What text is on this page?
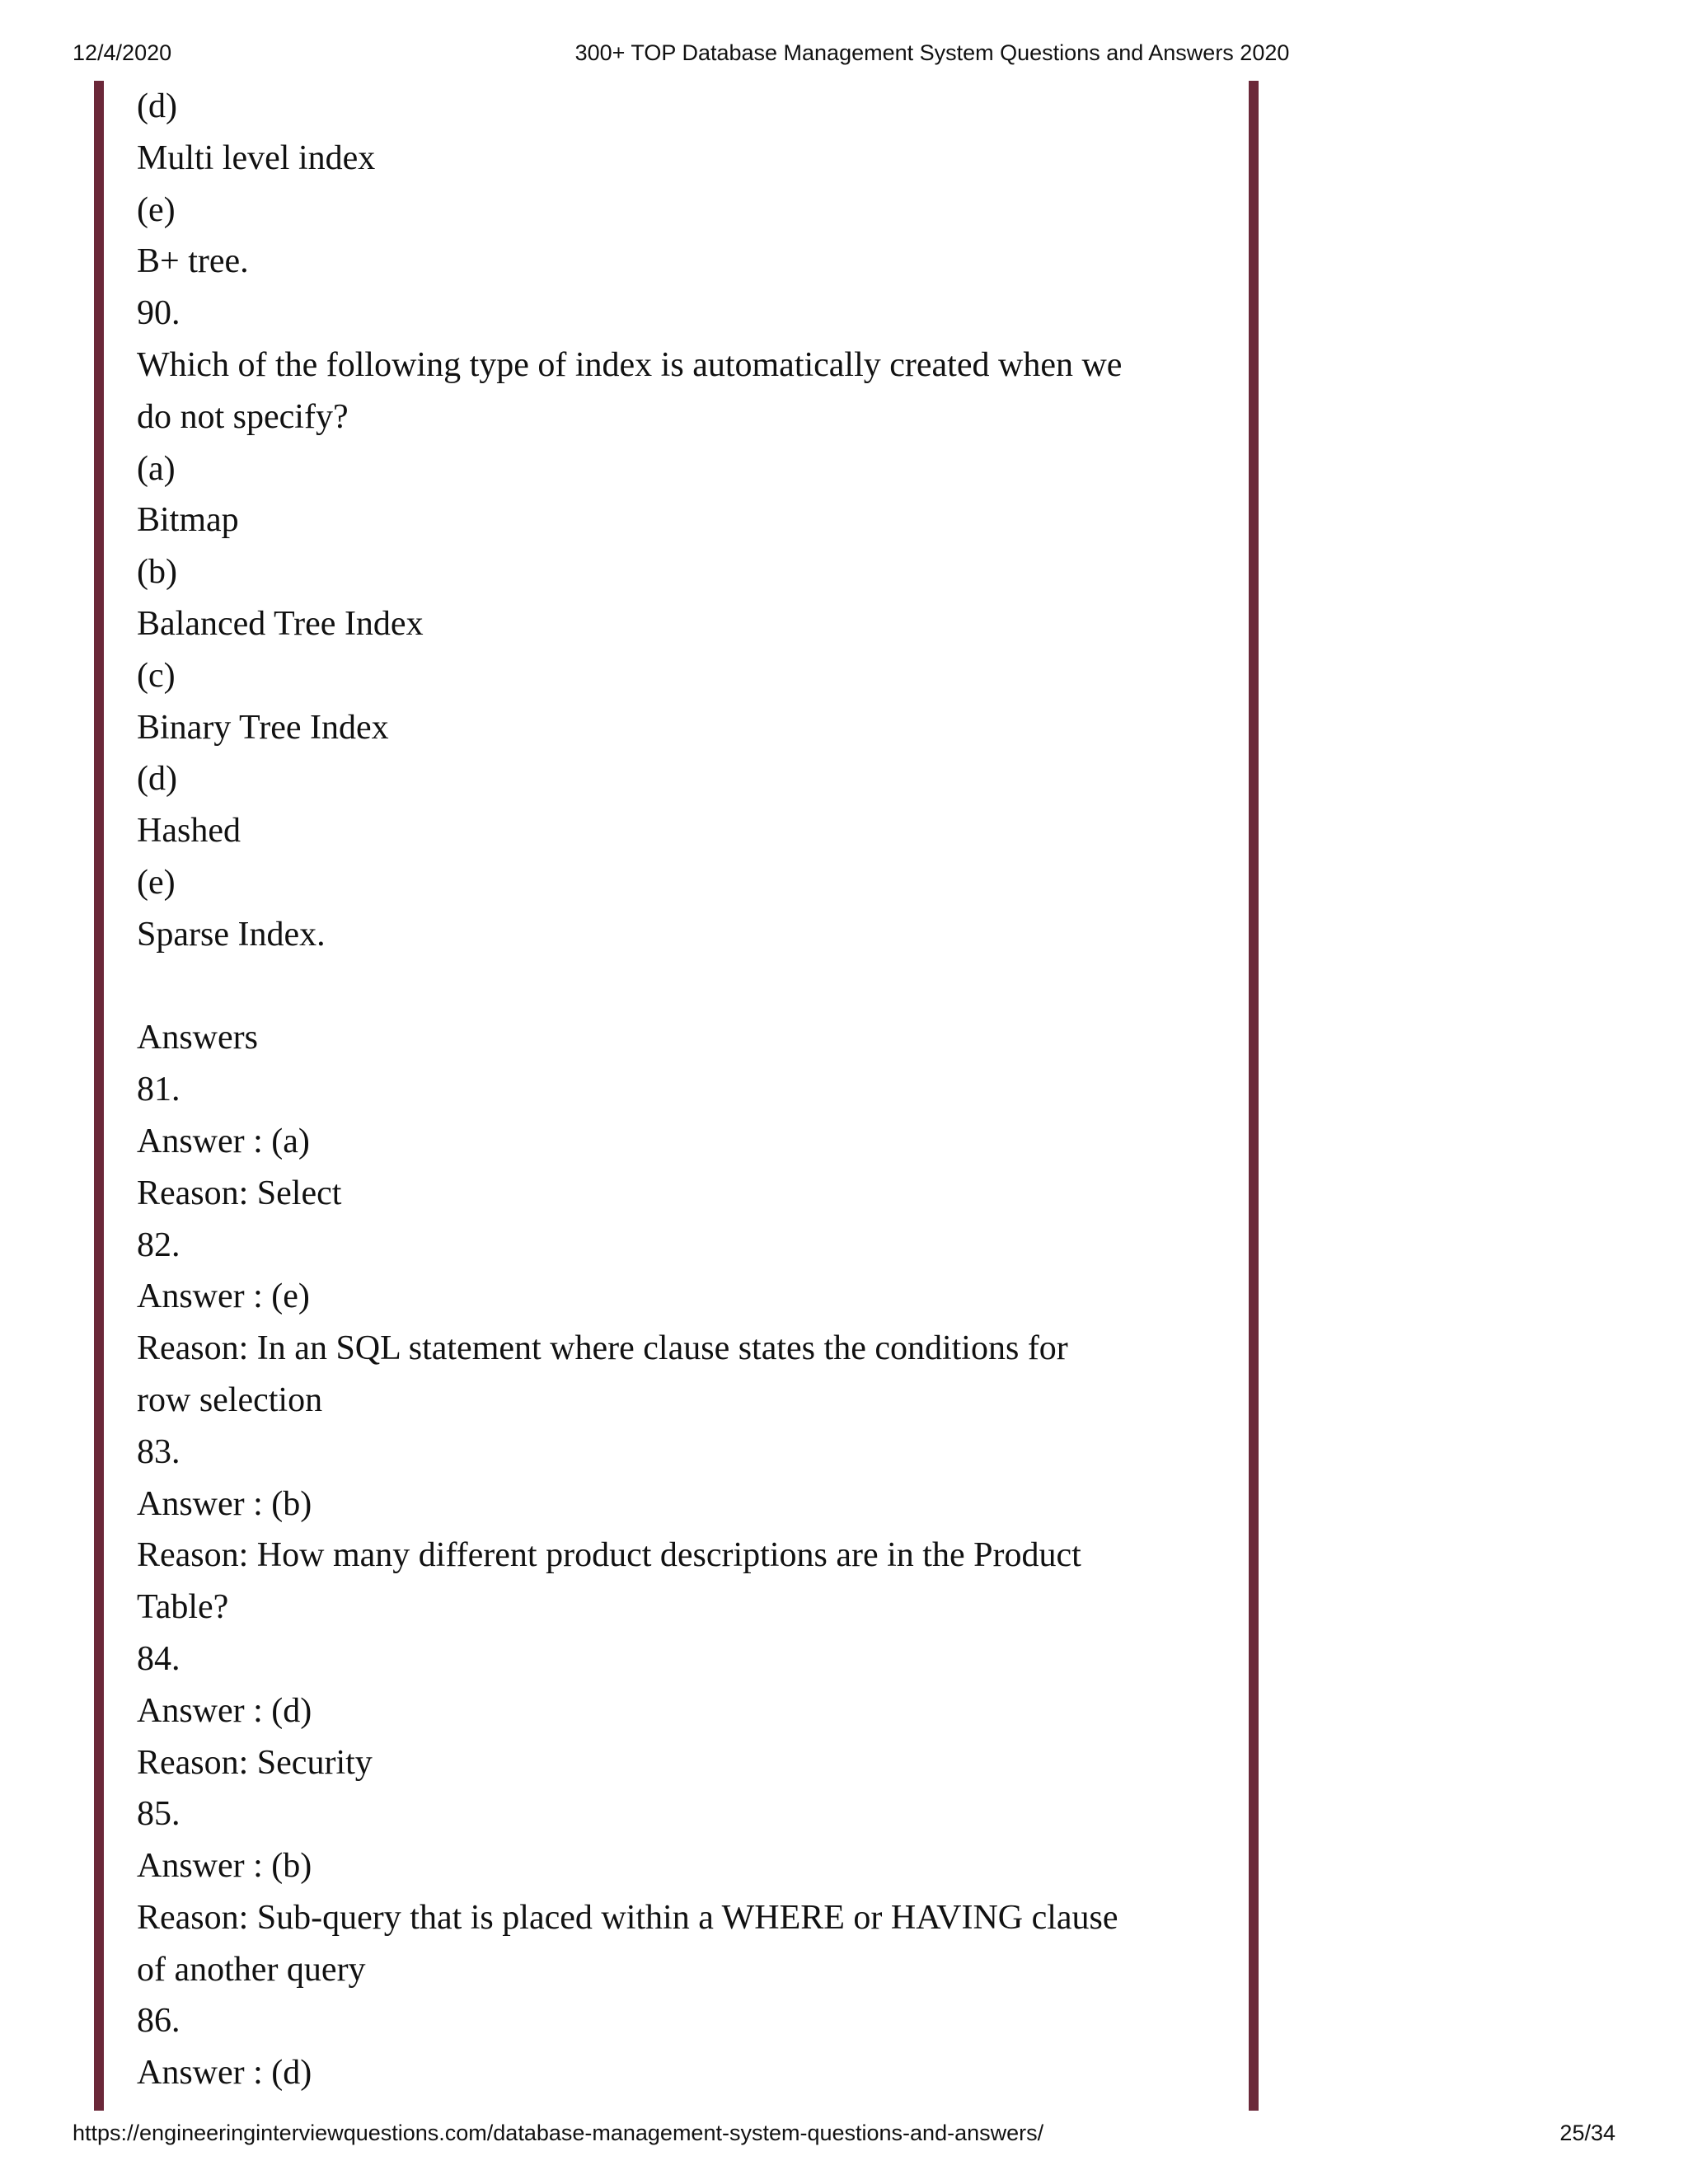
12/4/2020	300+ TOP Database Management System Questions and Answers 2020

(d)

Multi level index

(e)

B+ tree.

90.

Which of the following type of index is automatically created when we

do not specify?

(a)

Bitmap

(b)

Balanced Tree Index

(c)

Binary Tree Index

(d)

Hashed

(e)

Sparse Index.

Answers

81.

Answer : (a)

Reason: Select

82.

Answer : (e)

Reason: In an SQL statement where clause states the conditions for

row selection

83.

Answer : (b)

Reason: How many different product descriptions are in the Product

Table?

84.

Answer : (d)

Reason: Security

85.

Answer : (b)

Reason: Sub-query that is placed within a WHERE or HAVING clause

of another query

86.

Answer : (d)

https://engineeringinterviewquestions.com/database-management-system-questions-and-answers/	25/34
